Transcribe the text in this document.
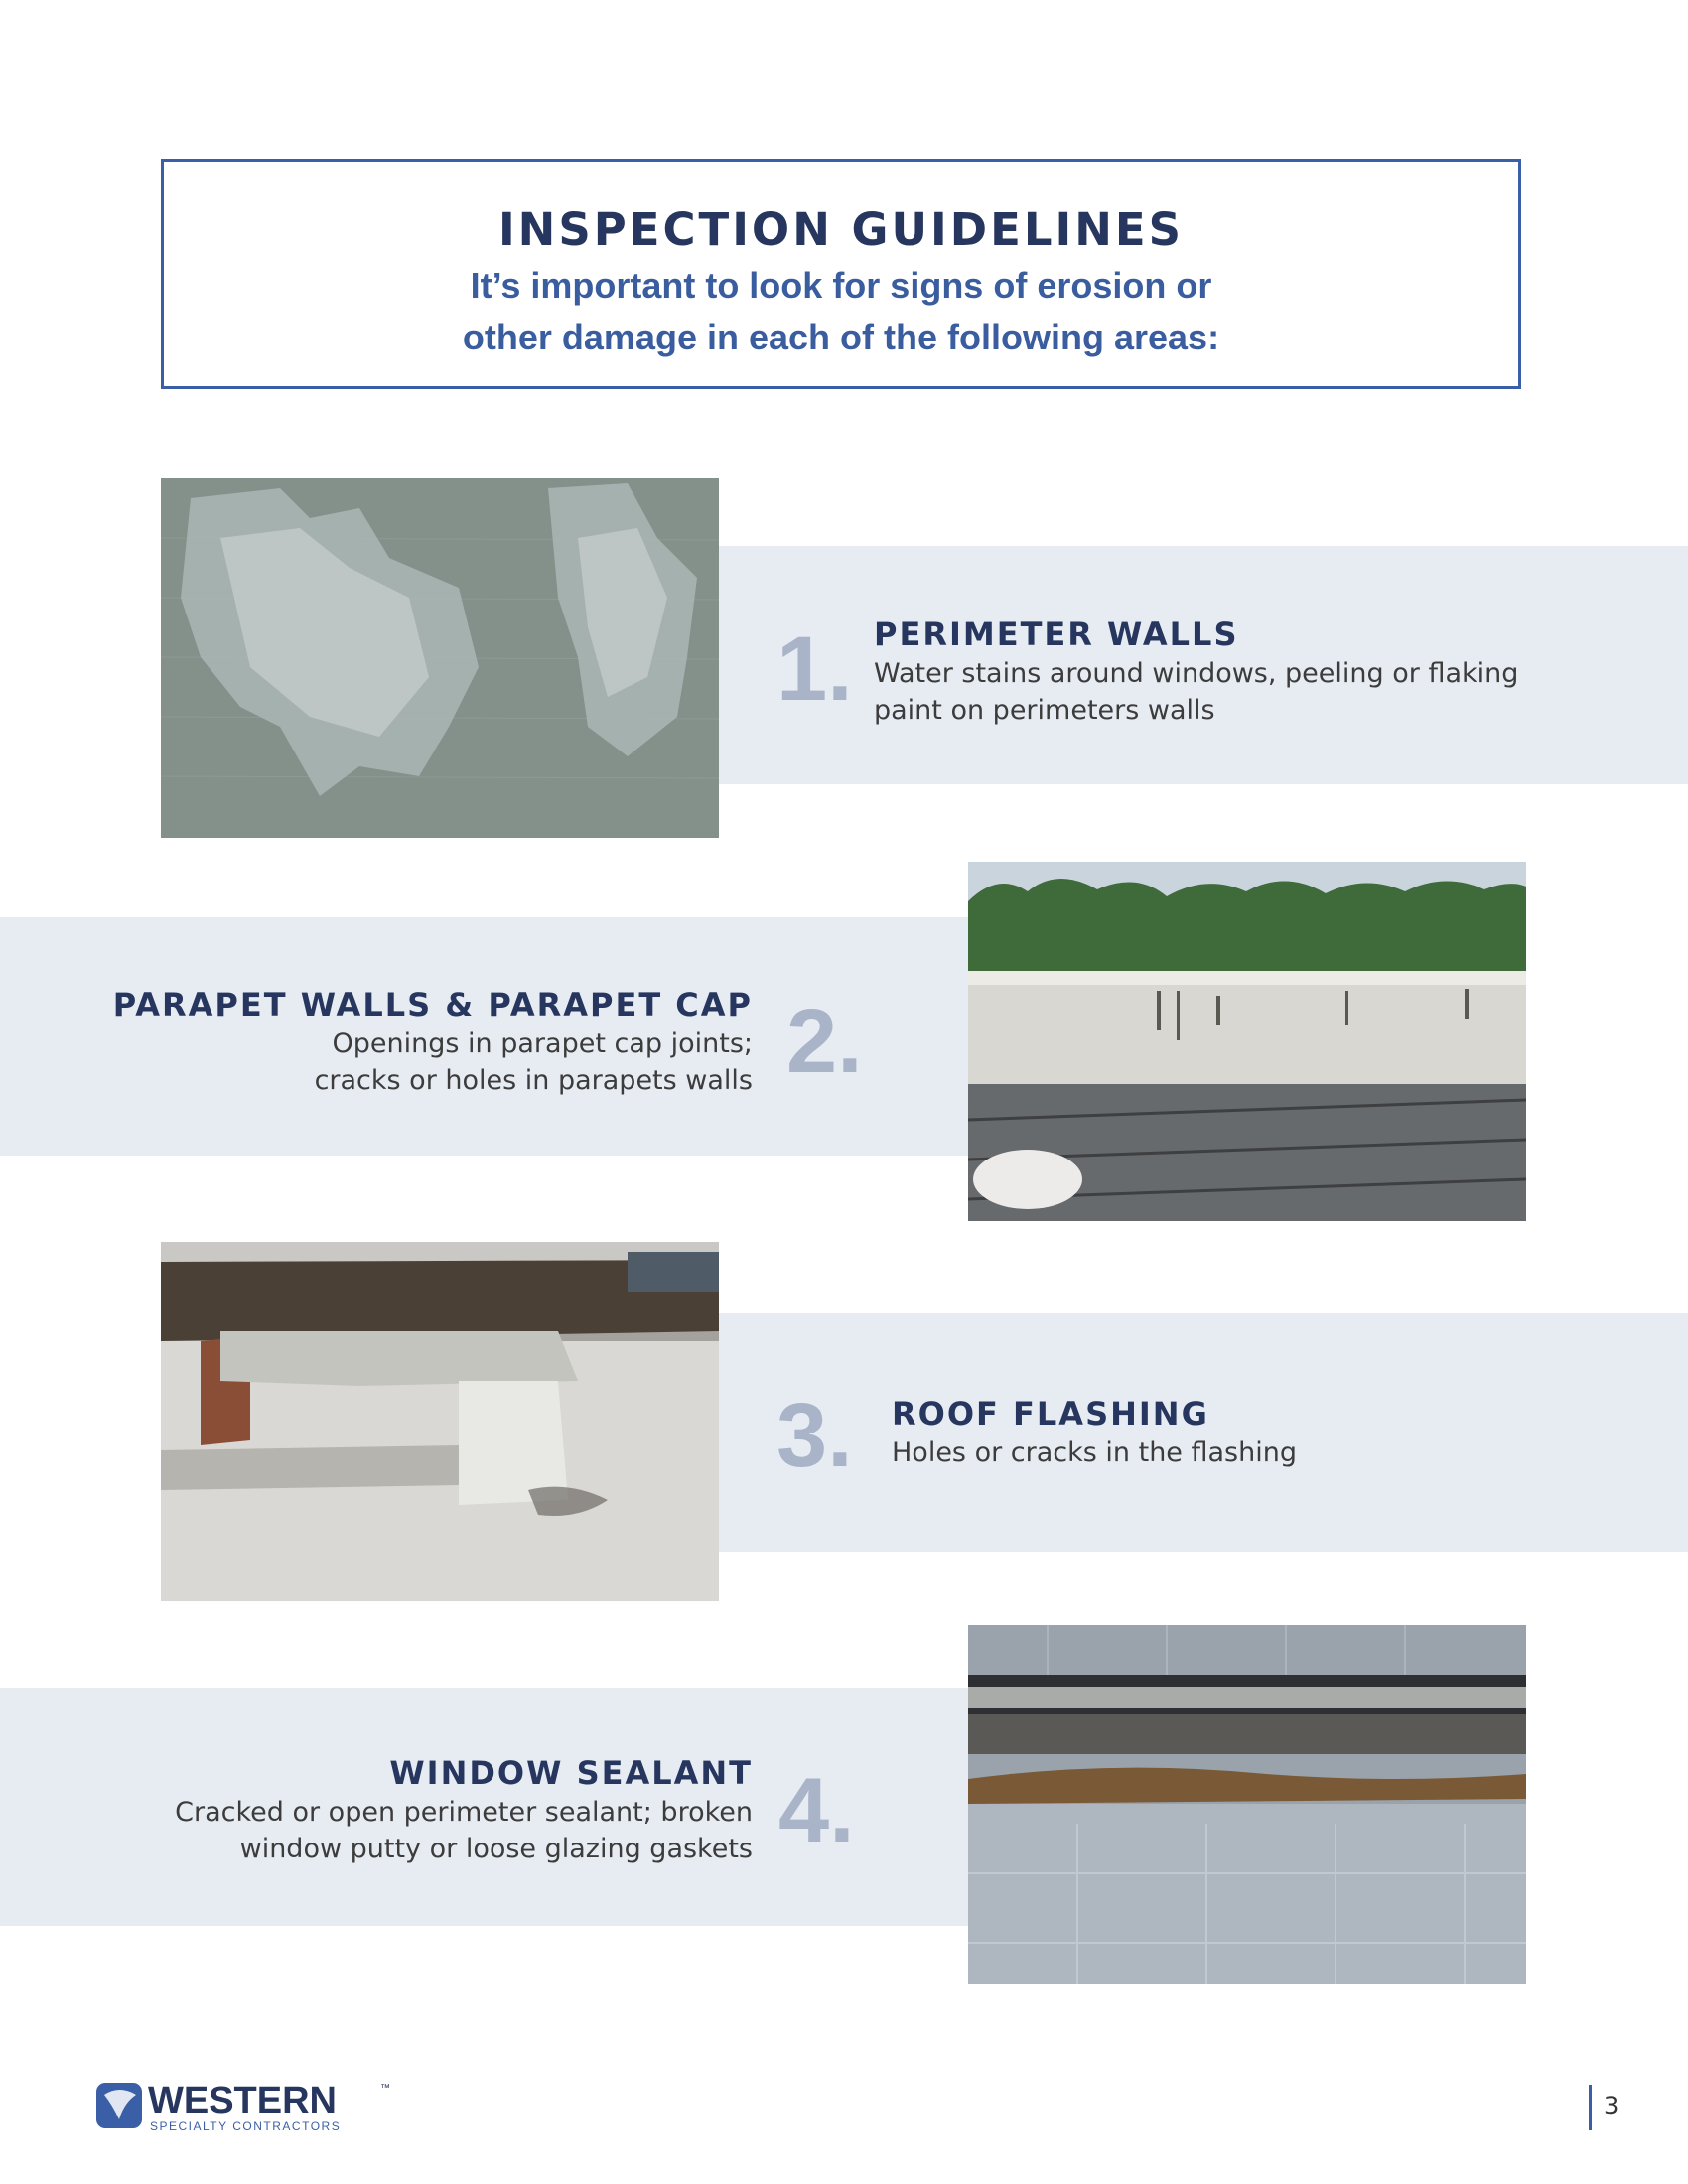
INSPECTION GUIDELINES
It’s important to look for signs of erosion or
other damage in each of the following areas:
1. PERIMETER WALLS
Water stains around windows, peeling or flaking
paint on perimeters walls
PARAPET WALLS & PARAPET CAP
Openings in parapet cap joints;
cracks or holes in parapets walls 2.
3. ROOF FLASHING
Holes or cracks in the flashing
WINDOW SEALANT
Cracked or open perimeter sealant; broken
window putty or loose glazing gaskets 4.
WESTERN	™
SPECIALTY CONTRACTORS
3
